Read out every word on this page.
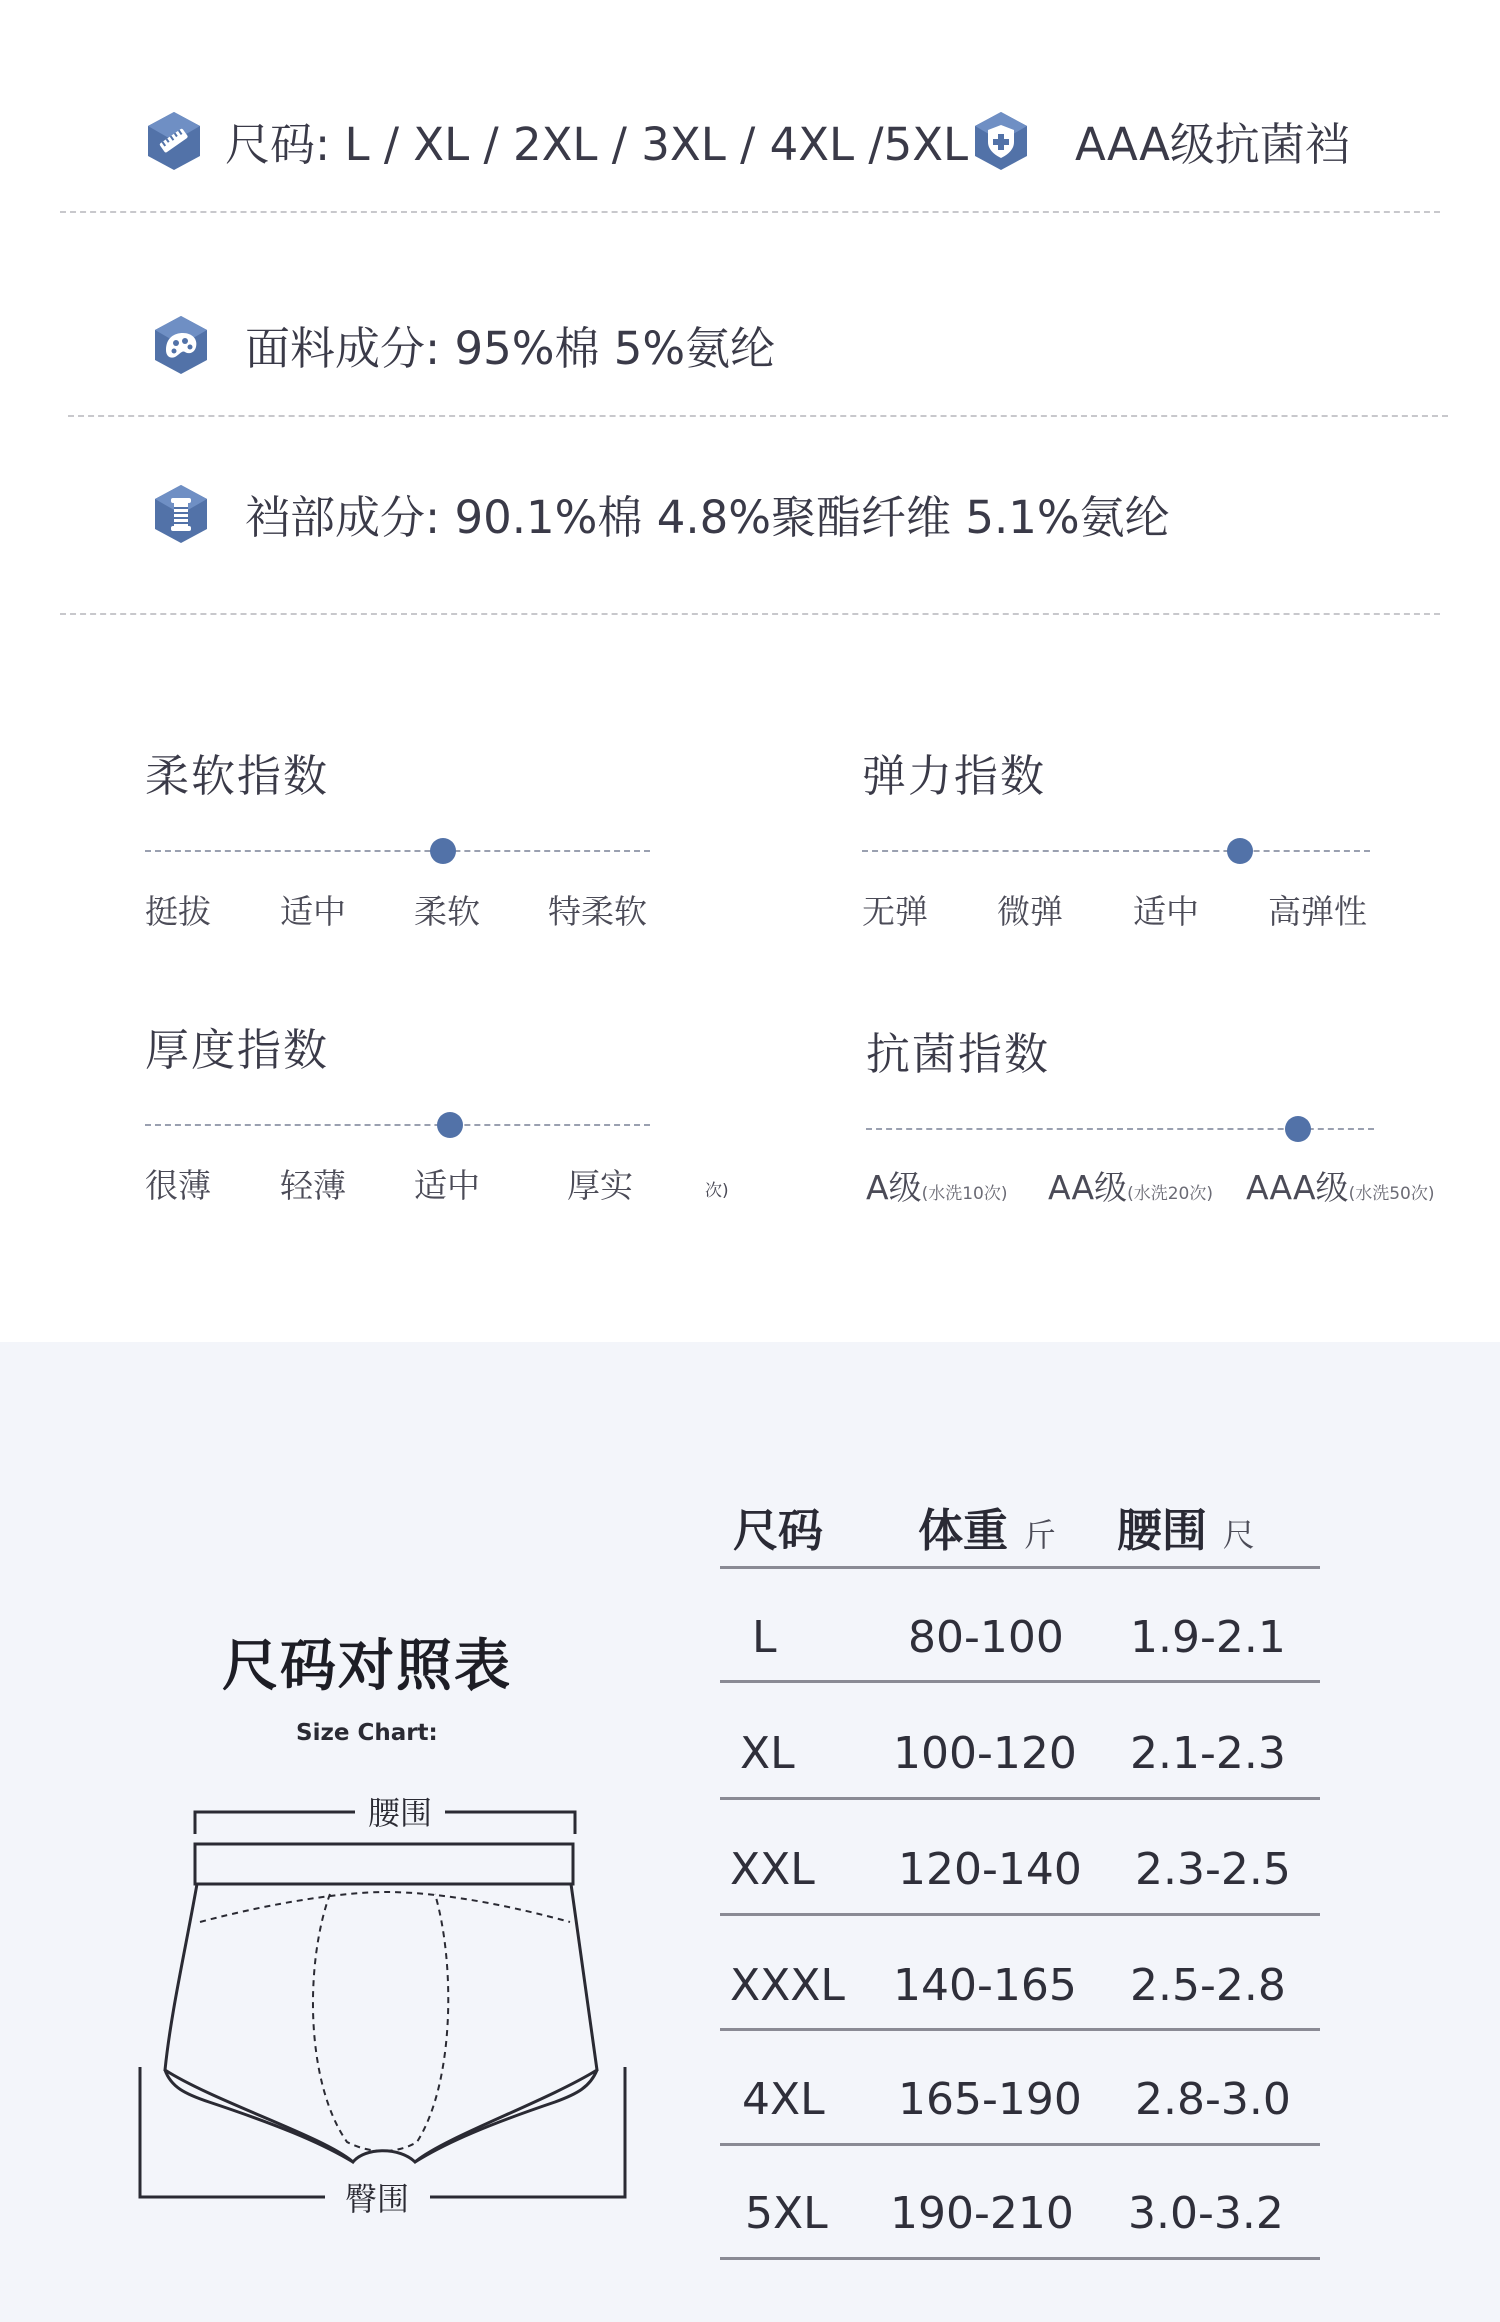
尺码: L / XL / 2XL / 3XL / 4XL /5XL AAA级抗菌裆
面料成分: 95%棉 5%氨纶
裆部成分: 90.1%棉 4.8%聚酯纤维 5.1%氨纶
柔软指数
挺拔 适中 柔软 特柔软
弹力指数
无弹 微弹 适中 高弹性
厚度指数
很薄 轻薄 适中	厚实	次)
抗菌指数
A级(水洗10次) AA级(水洗20次) AAA级(水洗50次)
尺码对照表
Size Chart:
腰围
臀围
尺码 体重 斤 腰围 尺
L	80-100 1.9-2.1
XL 100-120 2.1-2.3
XXL 120-140 2.3-2.5
XXXL 140-165 2.5-2.8
4XL 165-190 2.8-3.0
5XL 190-210 3.0-3.2
